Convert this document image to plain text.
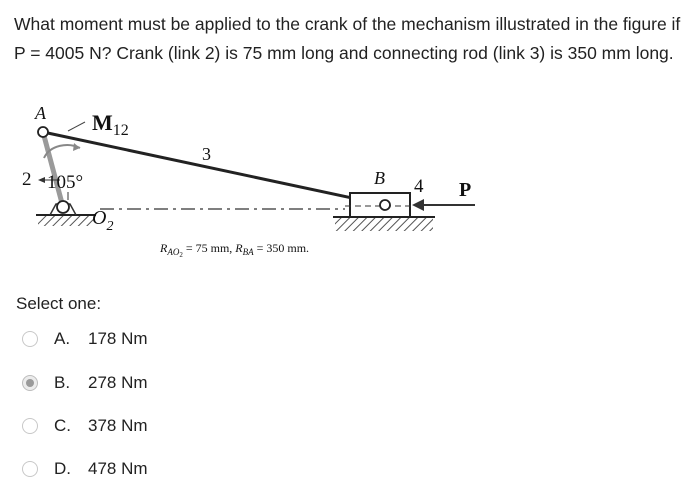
What moment must be applied to the crank of the mechanism illustrated in the figure if P = 4005 N? Crank (link 2) is 75 mm long and connecting rod (link 3) is 350 mm long.

A $M_{12}$
3
2 105°
$O_2$
B 4 P
$R_{AO}2 = 75$ mm, $R_{BA} = 350$ mm.
Select one:
A.	178 Nm
B.	278 Nm
C.	378 Nm
D.	478 Nm
